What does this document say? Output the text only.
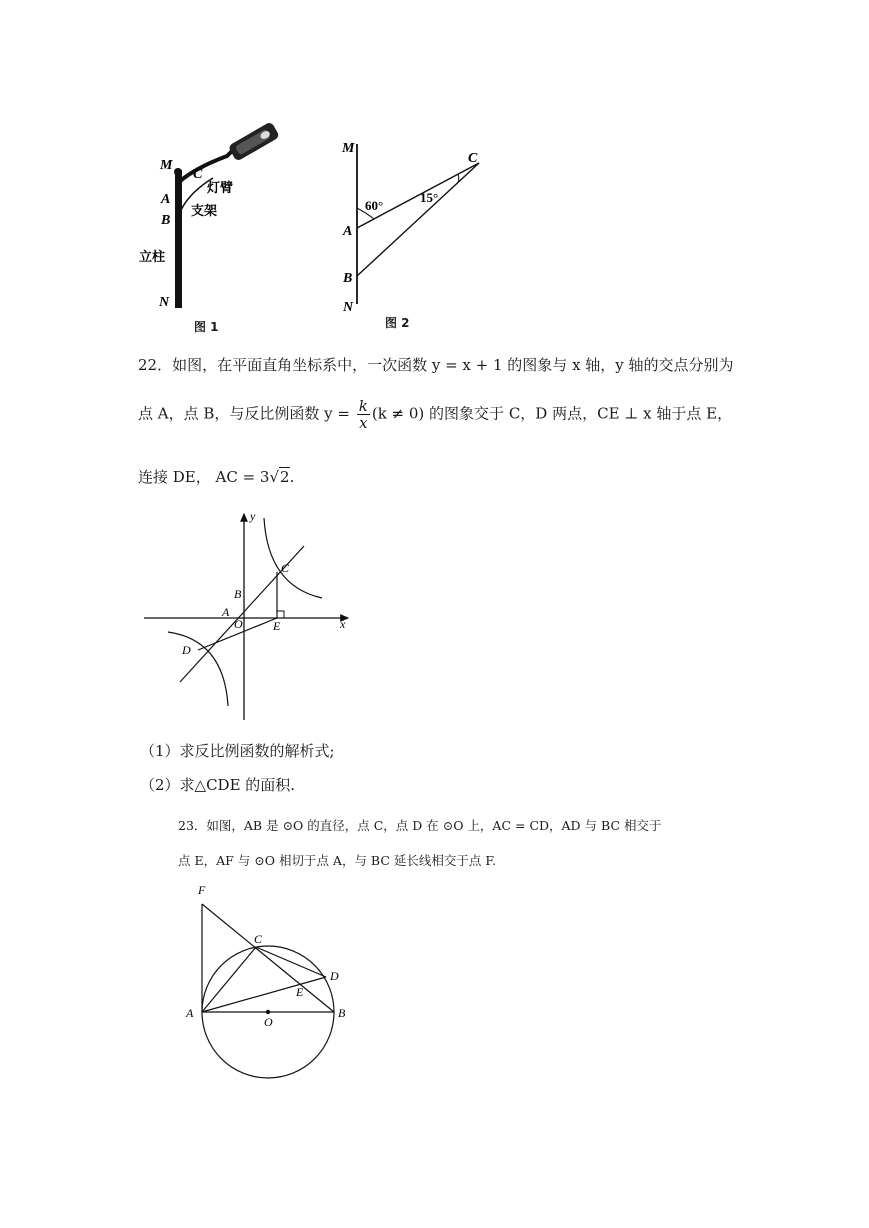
M
C
A
B
N
灯臂
支架
立柱
图 1
M
C
60°
15°
A
B
N
图 2
22．如图，在平面直角坐标系中，一次函数 y = x + 1 的图象与 x 轴，y 轴的交点分别为
点 A，点 B，与反比例函数 $y = \frac{k}{x} (k \ne 0)$ 的图象交于 C，D 两点，CE ⊥ x 轴于点 E，
连接 DE， AC = 3√2.
y
x
B
C
A
O	E
D
（1）求反比例函数的解析式;
（2）求△CDE 的面积.
23．如图，AB 是 ⊙O 的直径，点 C，点 D 在 ⊙O 上，AC = CD，AD 与 BC 相交于
点 E，AF 与 ⊙O 相切于点 A，与 BC 延长线相交于点 F.
F
C
D
E
A
O
B
